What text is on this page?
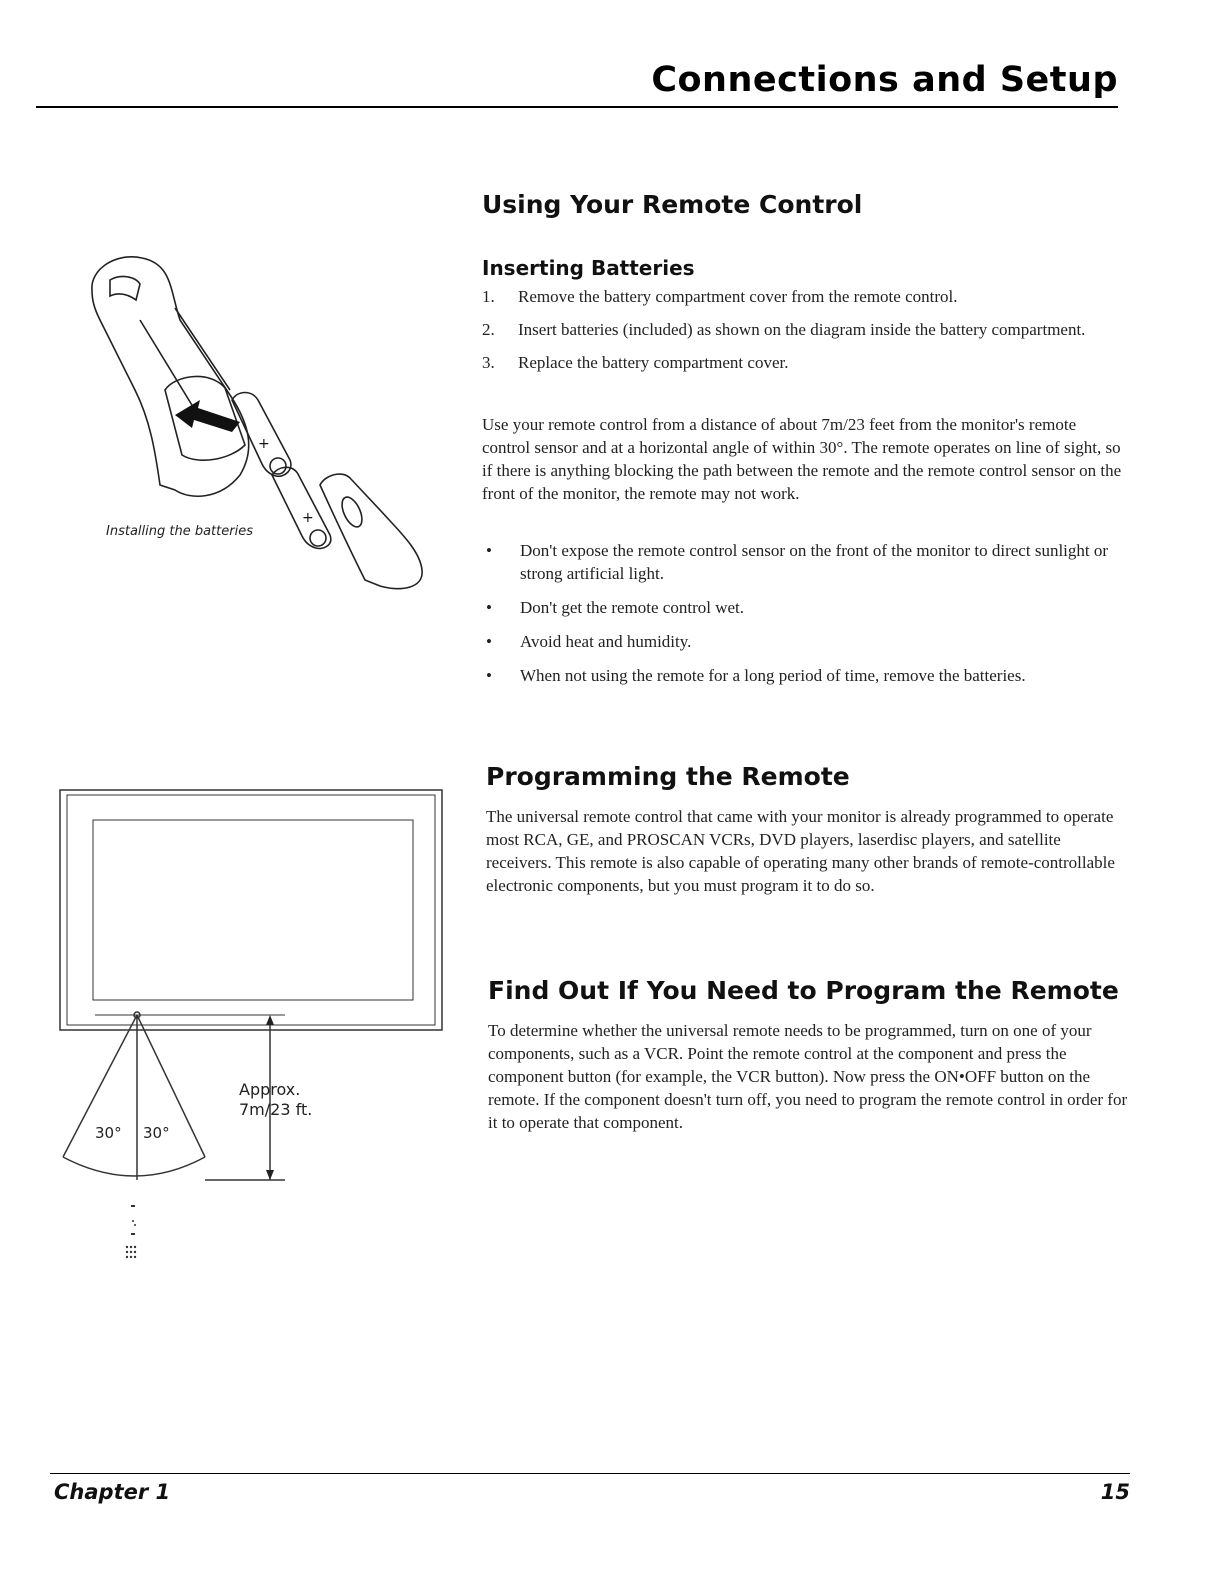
Connections and Setup
+
+
Installing the batteries
Using Your Remote Control
Inserting Batteries
1. Remove the battery compartment cover from the remote control.
2. Insert batteries (included) as shown on the diagram inside the battery compartment.
3. Replace the battery compartment cover.

Use your remote control from a distance of about 7m/23 feet from the monitor's remote control sensor and at a horizontal angle of within 30°. The remote operates on line of sight, so if there is anything blocking the path between the remote and the remote control sensor on the front of the monitor, the remote may not work.

• Don't expose the remote control sensor on the front of the monitor to direct sunlight or strong artificial light.
• Don't get the remote control wet.
• Avoid heat and humidity.
• When not using the remote for a long period of time, remove the batteries.
30° 30°
Approx.
7m/23 ft.
Programming the Remote

The universal remote control that came with your monitor is already programmed to operate most RCA, GE, and PROSCAN VCRs, DVD players, laserdisc players, and satellite receivers. This remote is also capable of operating many other brands of remote-controllable electronic components, but you must program it to do so.

Find Out If You Need to Program the Remote

To determine whether the universal remote needs to be programmed, turn on one of your components, such as a VCR. Point the remote control at the component and press the component button (for example, the VCR button). Now press the ON•OFF button on the remote. If the component doesn't turn off, you need to program the remote control in order for it to operate that component.

Chapter 1	15
